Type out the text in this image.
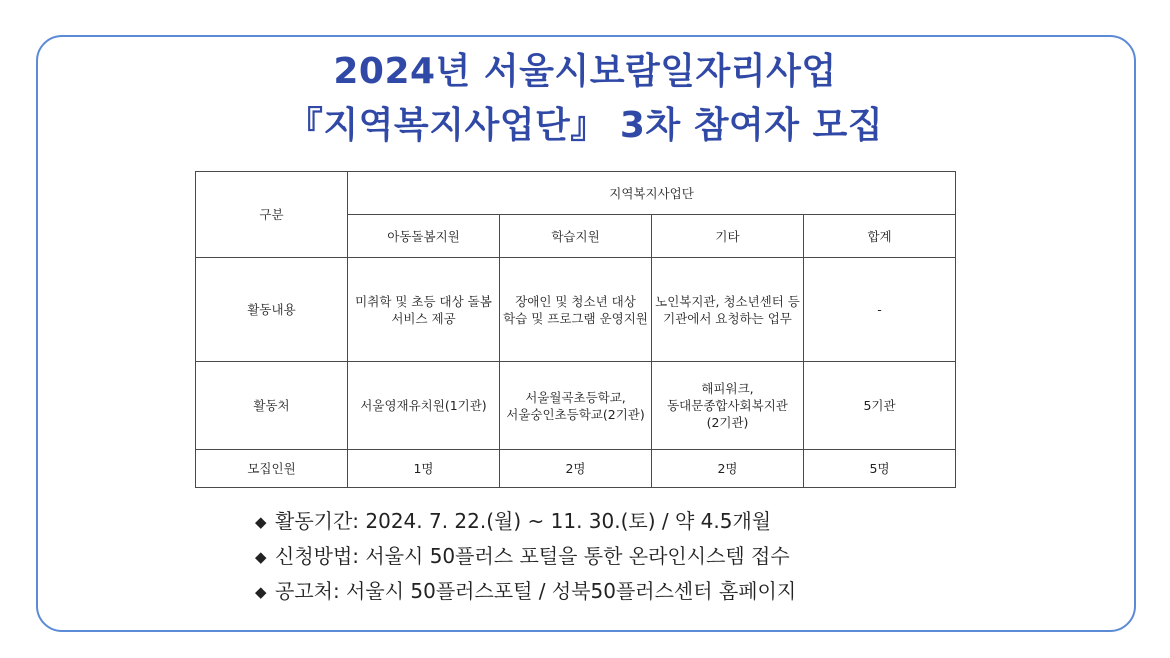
2024년 서울시보람일자리사업
『지역복지사업단』 3차 참여자 모집
구분	지역복지사업단			
	아동돌봄지원	학습지원	기타	합계
활동내용	미취학 및 초등 대상 돌봄 서비스 제공	장애인 및 청소년 대상 학습 및 프로그램 운영지원	노인복지관, 청소년센터 등 기관에서 요청하는 업무	-
활동처	서울영재유치원(1기관)	서울월곡초등학교,서울숭인초등학교(2기관)	해피워크,동대문종합사회복지관(2기관)	5기관
모집인원	1명	2명	2명	5명
◆ 활동기간: 2024. 7. 22.(월) ~ 11. 30.(토) / 약 4.5개월
◆ 신청방법: 서울시 50플러스 포털을 통한 온라인시스템 접수
◆ 공고처: 서울시 50플러스포털 / 성북50플러스센터 홈페이지
